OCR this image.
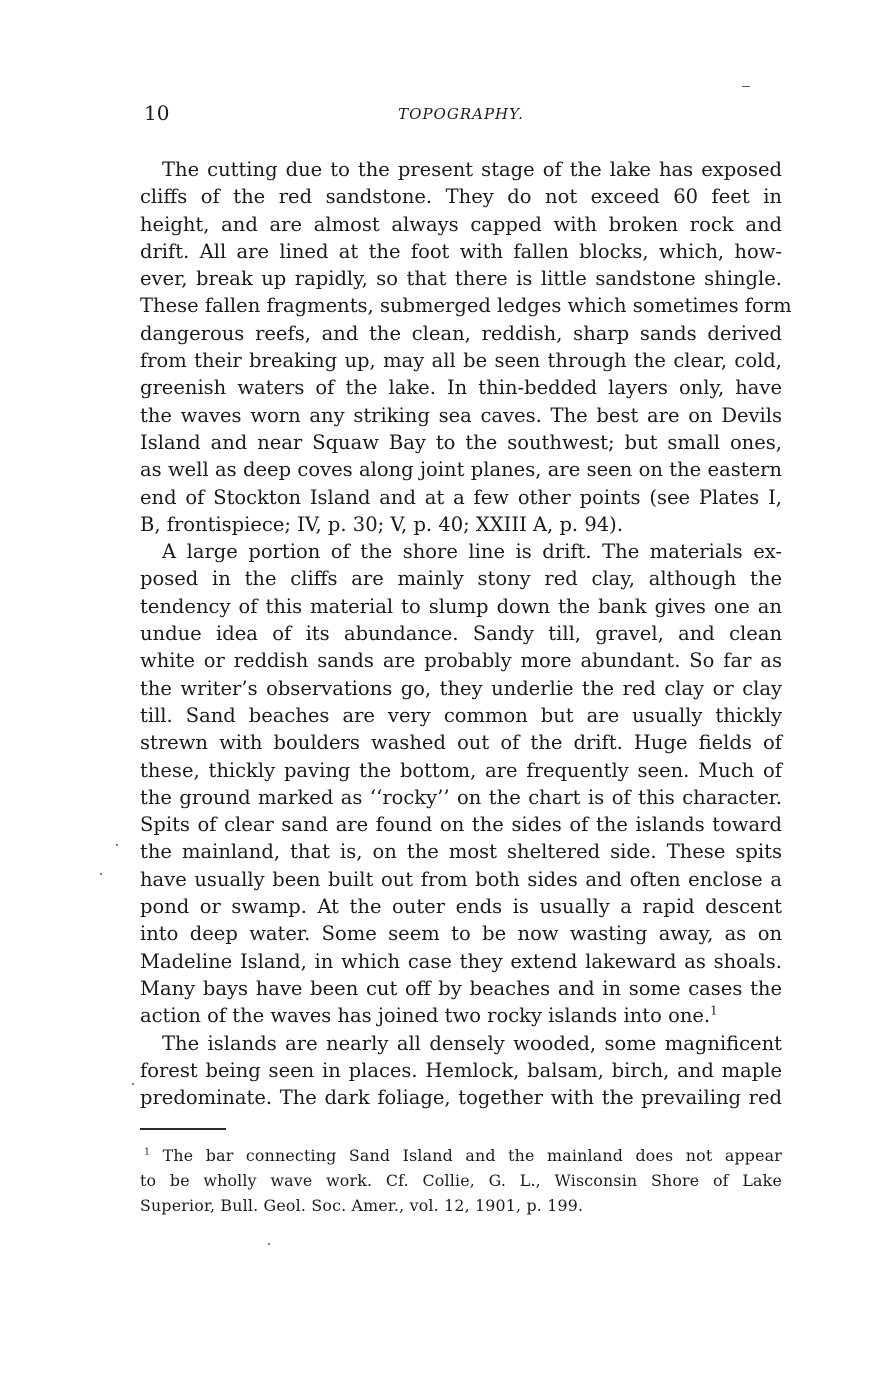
10	TOPOGRAPHY.
The cutting due to the present stage of the lake has exposed
cliffs of the red sandstone. They do not exceed 60 feet in
height, and are almost always capped with broken rock and
drift. All are lined at the foot with fallen blocks, which, how-
ever, break up rapidly, so that there is little sandstone shingle.
These fallen fragments, submerged ledges which sometimes form
dangerous reefs, and the clean, reddish, sharp sands derived
from their breaking up, may all be seen through the clear, cold,
greenish waters of the lake. In thin-bedded layers only, have
the waves worn any striking sea caves. The best are on Devils
Island and near Squaw Bay to the southwest; but small ones,
as well as deep coves along joint planes, are seen on the eastern
end of Stockton Island and at a few other points (see Plates I,
B, frontispiece; IV, p. 30; V, p. 40; XXIII A, p. 94).
A large portion of the shore line is drift. The materials ex-
posed in the cliffs are mainly stony red clay, although the
tendency of this material to slump down the bank gives one an
undue idea of its abundance. Sandy till, gravel, and clean
white or reddish sands are probably more abundant. So far as
the writer’s observations go, they underlie the red clay or clay
till. Sand beaches are very common but are usually thickly
strewn with boulders washed out of the drift. Huge fields of
these, thickly paving the bottom, are frequently seen. Much of
the ground marked as ‘‘rocky’’ on the chart is of this character.
Spits of clear sand are found on the sides of the islands toward
the mainland, that is, on the most sheltered side. These spits
have usually been built out from both sides and often enclose a
pond or swamp. At the outer ends is usually a rapid descent
into deep water. Some seem to be now wasting away, as on
Madeline Island, in which case they extend lakeward as shoals.
Many bays have been cut off by beaches and in some cases the
action of the waves has joined two rocky islands into one.$^1$
The islands are nearly all densely wooded, some magnificent
forest being seen in places. Hemlock, balsam, birch, and maple
predominate. The dark foliage, together with the prevailing red
$^1$ The bar connecting Sand Island and the mainland does not appear
to be wholly wave work. Cf. Collie, G. L., Wisconsin Shore of Lake
Superior, Bull. Geol. Soc. Amer., vol. 12, 1901, p. 199.
